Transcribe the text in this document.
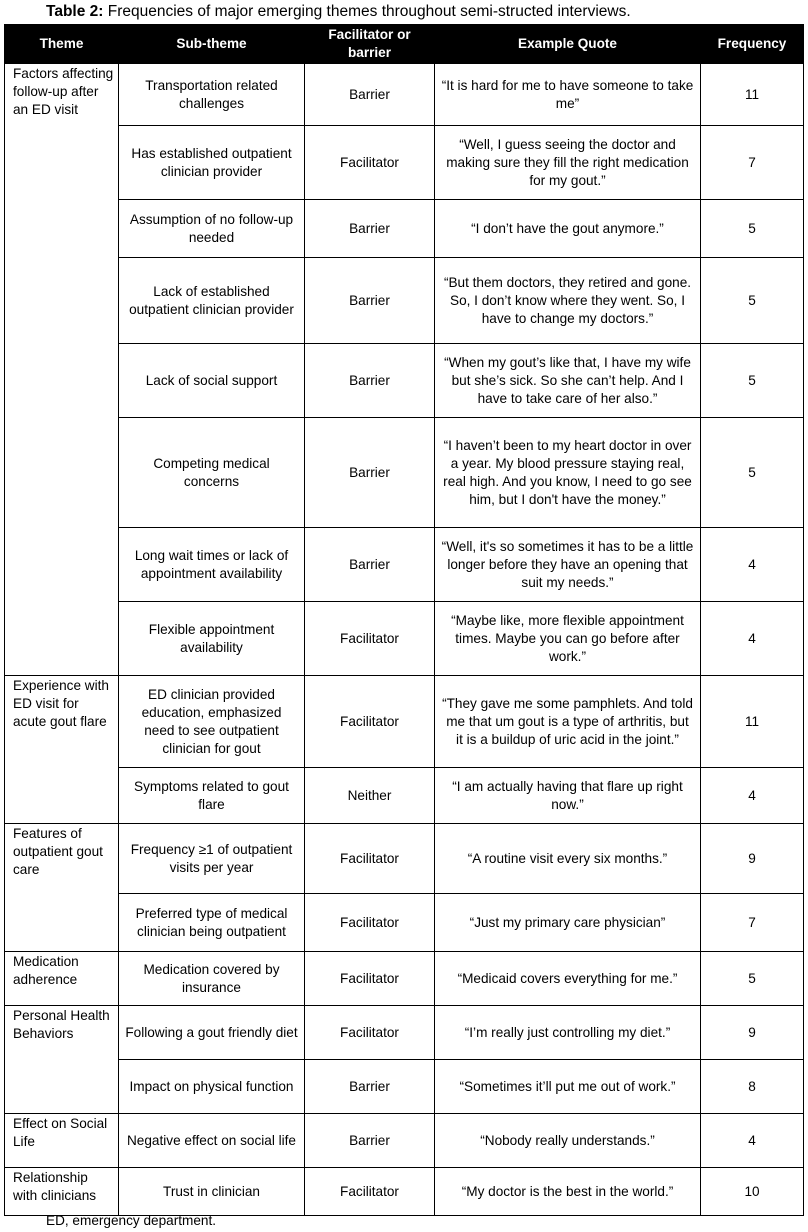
Table 2: Frequencies of major emerging themes throughout semi-structed interviews.
Theme	Sub-theme	Facilitator or barrier	Example Quote	Frequency
Factors affecting follow-up after an ED visit	Transportation related challenges	Barrier	“It is hard for me to have someone to take me”	11
	Has established outpatient clinician provider	Facilitator	“Well, I guess seeing the doctor and making sure they fill the right medication for my gout.”	7
	Assumption of no follow-up needed	Barrier	“I don’t have the gout anymore.”	5
	Lack of established outpatient clinician provider	Barrier	“But them doctors, they retired and gone. So, I don’t know where they went. So, I have to change my doctors.”	5
	Lack of social support	Barrier	“When my gout’s like that, I have my wife but she’s sick. So she can’t help. And I have to take care of her also.”	5
	Competing medical concerns	Barrier	“I haven’t been to my heart doctor in over a year. My blood pressure staying real, real high. And you know, I need to go see him, but I don't have the money.”	5
	Long wait times or lack of appointment availability	Barrier	“Well, it's so sometimes it has to be a little longer before they have an opening that suit my needs.”	4
	Flexible appointment availability	Facilitator	“Maybe like, more flexible appointment times. Maybe you can go before after work.”	4
Experience with ED visit for acute gout flare	ED clinician provided education, emphasized need to see outpatient clinician for gout	Facilitator	“They gave me some pamphlets. And told me that um gout is a type of arthritis, but it is a buildup of uric acid in the joint.”	11
	Symptoms related to gout flare	Neither	“I am actually having that flare up right now.”	4
Features of outpatient gout care	Frequency ≥1 of outpatient visits per year	Facilitator	“A routine visit every six months.”	9
	Preferred type of medical clinician being outpatient	Facilitator	“Just my primary care physician”	7
Medication adherence	Medication covered by insurance	Facilitator	“Medicaid covers everything for me.”	5
Personal Health Behaviors	Following a gout friendly diet	Facilitator	“I’m really just controlling my diet.”	9
	Impact on physical function	Barrier	“Sometimes it’ll put me out of work.”	8
Effect on Social Life	Negative effect on social life	Barrier	“Nobody really understands.”	4
Relationship with clinicians	Trust in clinician	Facilitator	“My doctor is the best in the world.”	10
ED, emergency department.
